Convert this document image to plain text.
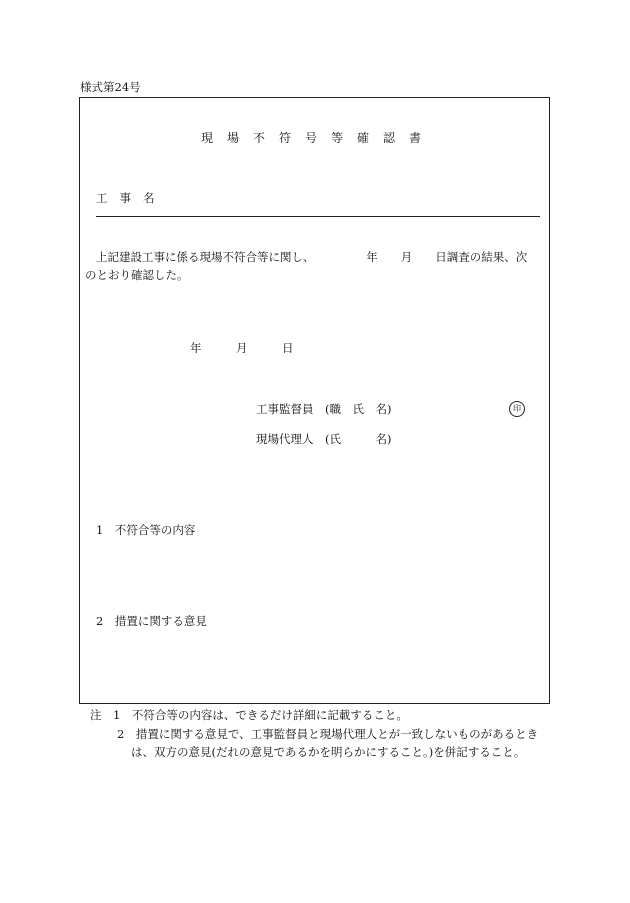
様式第24号
現場不符号等確認書
工事名
上記建設工事に係る現場不符合等に関し、　　　　　年　　月　　日調査の結果、次
のとおり確認した。
年　　　月　　　日
工事監督員　(職　氏　名)	印
現場代理人　(氏　　　名)
1　不符合等の内容
2　措置に関する意見
注　1　不符合等の内容は、できるだけ詳細に記載すること。
2　措置に関する意見で、工事監督員と現場代理人とが一致しないものがあるとき
は、双方の意見(だれの意見であるかを明らかにすること。)を併記すること。
